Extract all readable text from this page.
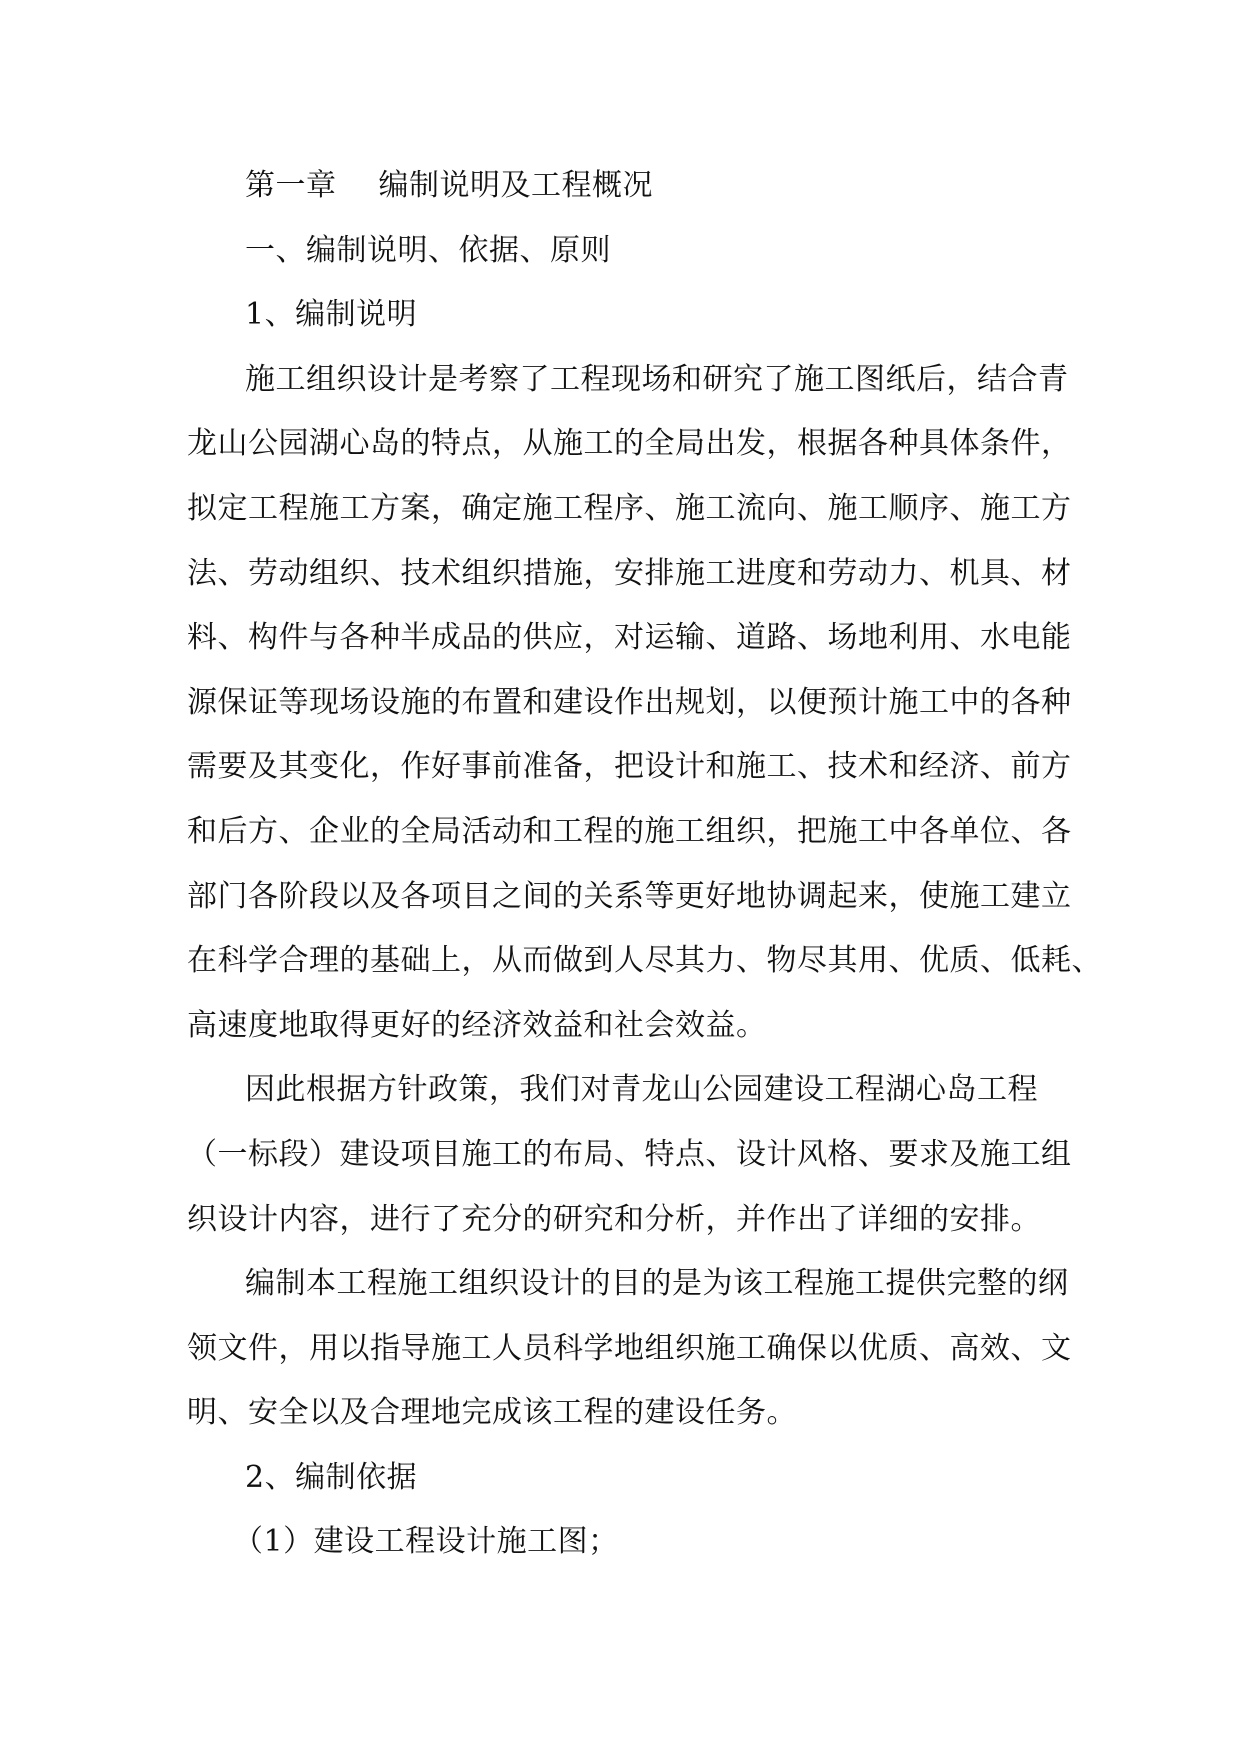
第一章 编制说明及工程概况
一、编制说明、依据、原则
1、编制说明
施工组织设计是考察了工程现场和研究了施工图纸后，结合青
龙山公园湖心岛的特点，从施工的全局出发，根据各种具体条件，
拟定工程施工方案，确定施工程序、施工流向、施工顺序、施工方
法、劳动组织、技术组织措施，安排施工进度和劳动力、机具、材
料、构件与各种半成品的供应，对运输、道路、场地利用、水电能
源保证等现场设施的布置和建设作出规划，以便预计施工中的各种
需要及其变化，作好事前准备，把设计和施工、技术和经济、前方
和后方、企业的全局活动和工程的施工组织，把施工中各单位、各
部门各阶段以及各项目之间的关系等更好地协调起来，使施工建立
在科学合理的基础上，从而做到人尽其力、物尽其用、优质、低耗、
高速度地取得更好的经济效益和社会效益。
因此根据方针政策，我们对青龙山公园建设工程湖心岛工程
（一标段）建设项目施工的布局、特点、设计风格、要求及施工组
织设计内容，进行了充分的研究和分析，并作出了详细的安排。
编制本工程施工组织设计的目的是为该工程施工提供完整的纲
领文件，用以指导施工人员科学地组织施工确保以优质、高效、文
明、安全以及合理地完成该工程的建设任务。
2、编制依据
（1）建设工程设计施工图；
